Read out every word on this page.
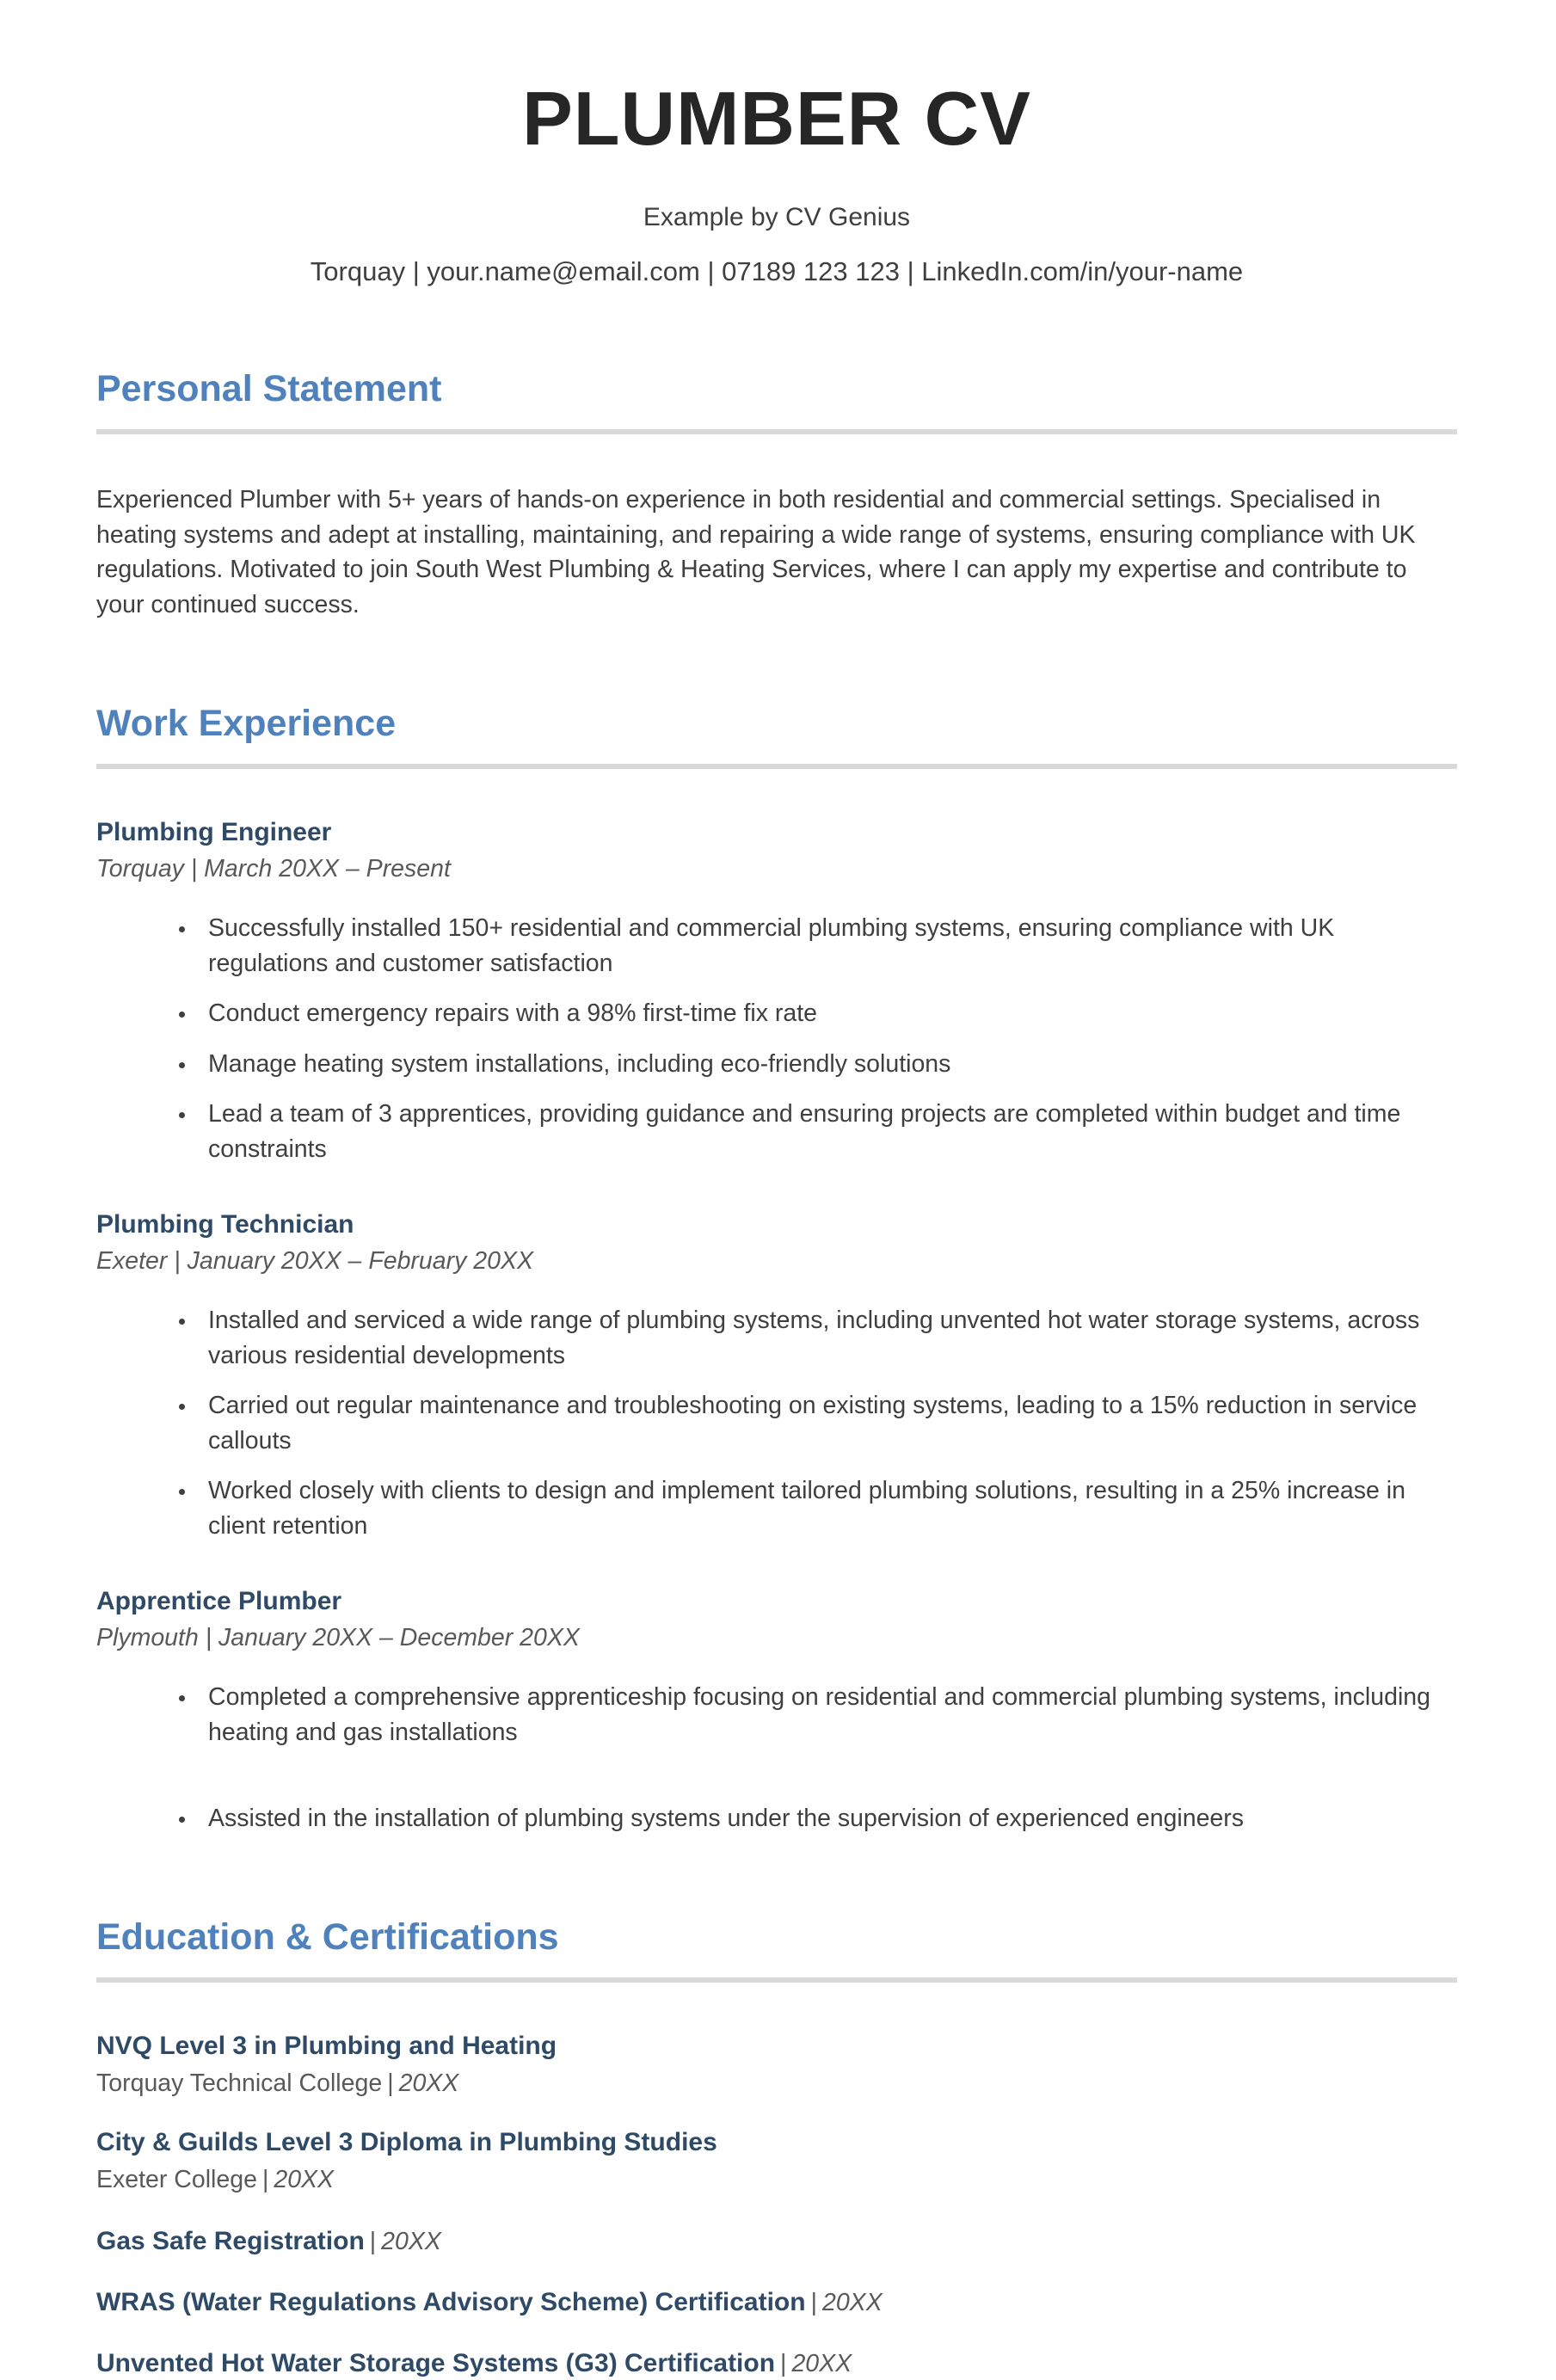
PLUMBER CV

Example by CV Genius

Torquay | your.name@email.com | 07189 123 123 | LinkedIn.com/in/your-name

Personal Statement

Experienced Plumber with 5+ years of hands-on experience in both residential and commercial settings. Specialised in heating systems and adept at installing, maintaining, and repairing a wide range of systems, ensuring compliance with UK regulations. Motivated to join South West Plumbing & Heating Services, where I can apply my expertise and contribute to your continued success.

Work Experience
Plumbing Engineer

Torquay | March 20XX – Present

• Successfully installed 150+ residential and commercial plumbing systems, ensuring compliance with UK regulations and customer satisfaction
• Conduct emergency repairs with a 98% first-time fix rate
• Manage heating system installations, including eco-friendly solutions
• Lead a team of 3 apprentices, providing guidance and ensuring projects are completed within budget and time constraints
Plumbing Technician

Exeter | January 20XX – February 20XX

• Installed and serviced a wide range of plumbing systems, including unvented hot water storage systems, across various residential developments
• Carried out regular maintenance and troubleshooting on existing systems, leading to a 15% reduction in service callouts
• Worked closely with clients to design and implement tailored plumbing solutions, resulting in a 25% increase in client retention
Apprentice Plumber

Plymouth | January 20XX – December 20XX

• Completed a comprehensive apprenticeship focusing on residential and commercial plumbing systems, including heating and gas installations
• Assisted in the installation of plumbing systems under the supervision of experienced engineers
Education & Certifications
NVQ Level 3 in Plumbing and Heating

Torquay Technical College | 20XX

City & Guilds Level 3 Diploma in Plumbing Studies

Exeter College | 20XX

Gas Safe Registration | 20XX

WRAS (Water Regulations Advisory Scheme) Certification | 20XX

Unvented Hot Water Storage Systems (G3) Certification | 20XX
